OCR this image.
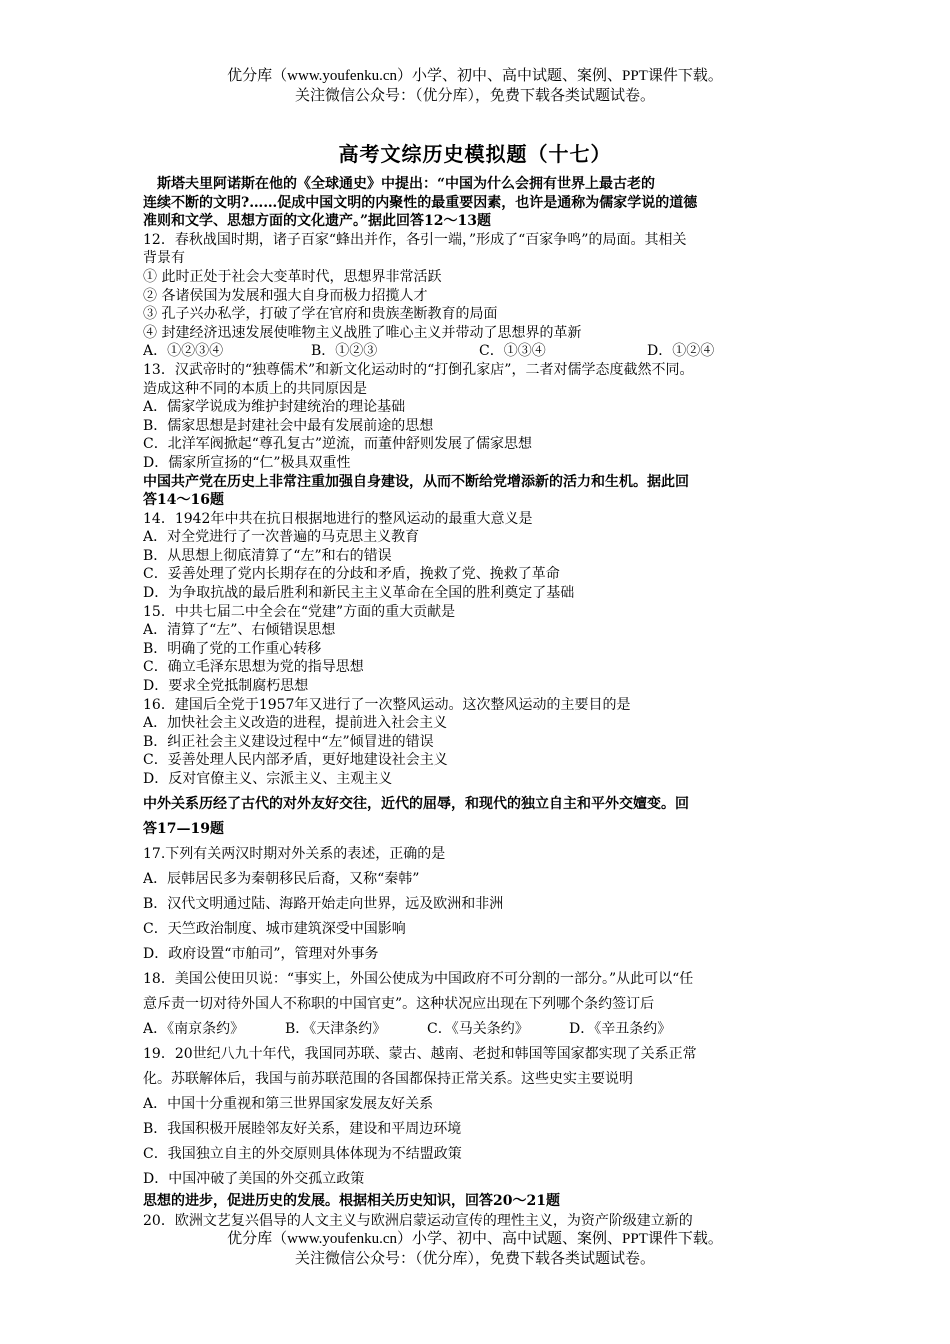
优分库（www.youfenku.cn）小学、初中、高中试题、案例、PPT课件下载。
关注微信公众号：（优分库），免费下载各类试题试卷。
高考文综历史模拟题（十七）

斯塔夫里阿诺斯在他的《全球通史》中提出：“中国为什么会拥有世界上最古老的

连续不断的文明?……促成中国文明的内聚性的最重要因素，也许是通称为儒家学说的道德

准则和文学、思想方面的文化遗产。”据此回答12～13题

12．春秋战国时期，诸子百家“蜂出并作，各引一端，”形成了“百家争鸣”的局面。其相关

背景有

① 此时正处于社会大变革时代，思想界非常活跃

② 各诸侯国为发展和强大自身而极力招揽人才

③ 孔子兴办私学，打破了学在官府和贵族垄断教育的局面

④ 封建经济迅速发展使唯物主义战胜了唯心主义并带动了思想界的革新

A．①②③④	B．①②③	C．①③④	D．①②④

13．汉武帝时的“独尊儒术”和新文化运动时的“打倒孔家店”，二者对儒学态度截然不同。

造成这种不同的本质上的共同原因是

A．儒家学说成为维护封建统治的理论基础

B．儒家思想是封建社会中最有发展前途的思想

C．北洋军阀掀起“尊孔复古”逆流，而董仲舒则发展了儒家思想

D．儒家所宣扬的“仁”极具双重性

中国共产党在历史上非常注重加强自身建设，从而不断给党增添新的活力和生机。据此回

答14～16题

14．1942年中共在抗日根据地进行的整风运动的最重大意义是

A．对全党进行了一次普遍的马克思主义教育

B．从思想上彻底清算了“左”和右的错误

C．妥善处理了党内长期存在的分歧和矛盾，挽救了党、挽救了革命

D．为争取抗战的最后胜利和新民主主义革命在全国的胜利奠定了基础

15．中共七届二中全会在“党建”方面的重大贡献是

A．清算了“左”、右倾错误思想

B．明确了党的工作重心转移

C．确立毛泽东思想为党的指导思想

D．要求全党抵制腐朽思想

16．建国后全党于1957年又进行了一次整风运动。这次整风运动的主要目的是

A．加快社会主义改造的进程，提前进入社会主义

B．纠正社会主义建设过程中“左”倾冒进的错误

C．妥善处理人民内部矛盾，更好地建设社会主义

D．反对官僚主义、宗派主义、主观主义

中外关系历经了古代的对外友好交往，近代的屈辱，和现代的独立自主和平外交嬗变。回

答17—19题

17.下列有关两汉时期对外关系的表述，正确的是

A．辰韩居民多为秦朝移民后裔，又称“秦韩”

B．汉代文明通过陆、海路开始走向世界，远及欧洲和非洲

C．天竺政治制度、城市建筑深受中国影响

D．政府设置“市舶司”，管理对外事务

18．美国公使田贝说：“事实上，外国公使成为中国政府不可分割的一部分。”从此可以“任

意斥责一切对待外国人不称职的中国官吏”。这种状况应出现在下列哪个条约签订后

A．《南京条约》	B．《天津条约》	C．《马关条约》	D．《辛丑条约》

19．20世纪八九十年代，我国同苏联、蒙古、越南、老挝和韩国等国家都实现了关系正常

化。苏联解体后，我国与前苏联范围的各国都保持正常关系。这些史实主要说明

A．中国十分重视和第三世界国家发展友好关系

B．我国积极开展睦邻友好关系，建设和平周边环境

C．我国独立自主的外交原则具体体现为不结盟政策

D．中国冲破了美国的外交孤立政策

思想的进步，促进历史的发展。根据相关历史知识，回答20～21题

20．欧洲文艺复兴倡导的人文主义与欧洲启蒙运动宣传的理性主义，为资产阶级建立新的

优分库（www.youfenku.cn）小学、初中、高中试题、案例、PPT课件下载。
关注微信公众号：（优分库），免费下载各类试题试卷。
